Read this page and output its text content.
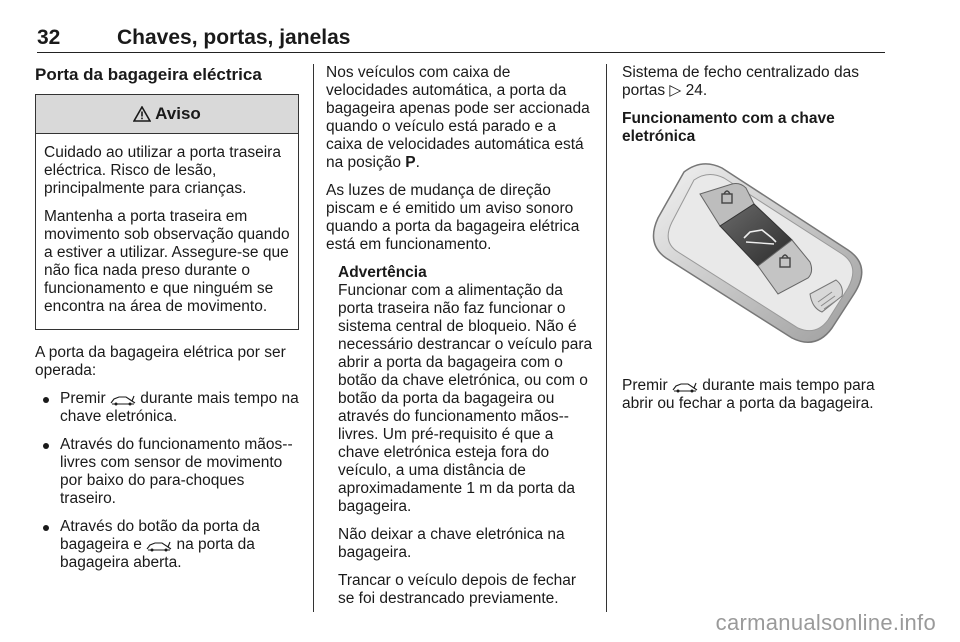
32	Chaves, portas, janelas
Porta da bagageira eléctrica
Aviso

Cuidado ao utilizar a porta traseira eléctrica. Risco de lesão, principalmente para crianças.

Mantenha a porta traseira em movimento sob observação quando a estiver a utilizar. Assegure-se que não fica nada preso durante o funcionamento e que ninguém se encontra na área de movimento.

A porta da bagageira elétrica por ser operada:

Premir  durante mais tempo na chave eletrónica.
Através do funcionamento mãos--livres com sensor de movimento por baixo do para-choques traseiro.
Através do botão da porta da bagageira e  na porta da bagageira aberta.

Nos veículos com caixa de velocidades automática, a porta da bagageira apenas pode ser accionada quando o veículo está parado e a caixa de velocidades automática está na posição P.

As luzes de mudança de direção piscam e é emitido um aviso sonoro quando a porta da bagageira elétrica está em funcionamento.

Advertência

Funcionar com a alimentação da porta traseira não faz funcionar o sistema central de bloqueio. Não é necessário destrancar o veículo para abrir a porta da bagageira com o botão da chave eletrónica, ou com o botão da porta da bagageira ou através do funcionamento mãos--livres. Um pré-requisito é que a chave eletrónica esteja fora do veículo, a uma distância de aproximadamente 1 m da porta da bagageira.

Não deixar a chave eletrónica na bagageira.

Trancar o veículo depois de fechar se foi destrancado previamente.

Sistema de fecho centralizado das portas ▷ 24.

Funcionamento com a chave eletrónica

Premir  durante mais tempo para abrir ou fechar a porta da bagageira.

carmanualsonline.info
